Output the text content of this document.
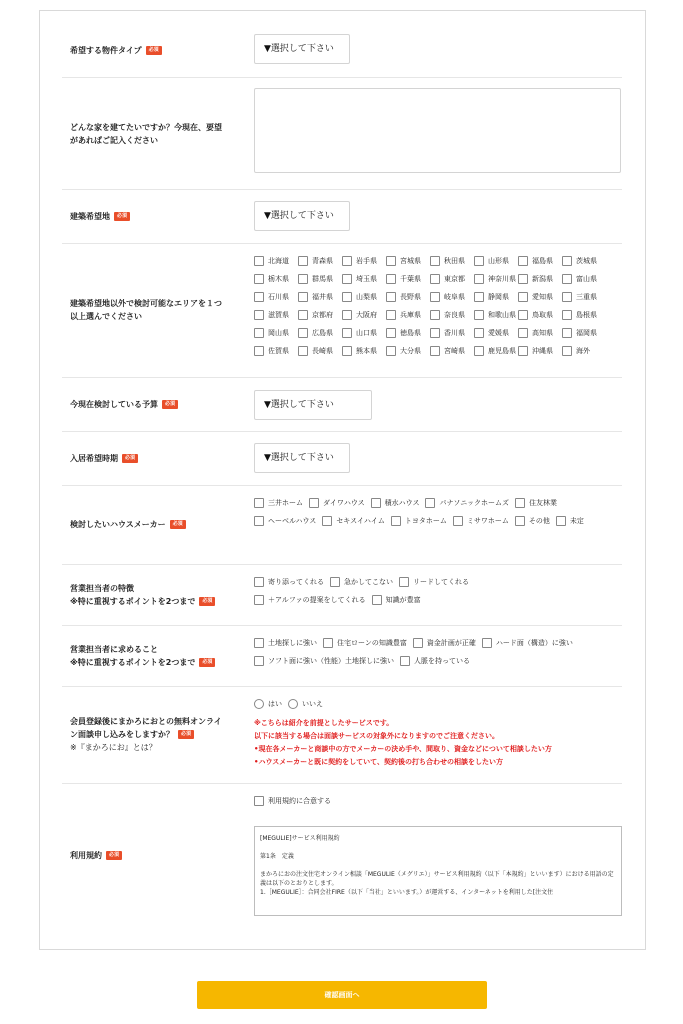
希望する物件タイプ 必須	▼選択して下さい
どんな家を建てたいですか？今現在、要望
があればご記入ください
建築希望地 必須	▼選択して下さい
建築希望地以外で検討可能なエリアを１つ
以上選んでください
北海道	青森県	岩手県	宮城県	秋田県	山形県	福島県	茨城県
栃木県	群馬県	埼玉県	千葉県	東京都	神奈川県 新潟県	富山県
石川県	福井県	山梨県	長野県	岐阜県	静岡県	愛知県	三重県
滋賀県	京都府	大阪府	兵庫県	奈良県	和歌山県 鳥取県	島根県
岡山県	広島県	山口県	徳島県	香川県	愛媛県	高知県	福岡県
佐賀県	長崎県	熊本県	大分県	宮崎県	鹿児島県 沖縄県	海外
今現在検討している予算 必須	▼選択して下さい
入居希望時期 必須	▼選択して下さい
検討したいハウスメーカー 必須
三井ホーム	ダイワハウス	積水ハウス	パナソニックホームズ	住友林業
ヘーベルハウス	セキスイハイム	トヨタホーム	ミサワホーム	その他	未定
営業担当者の特徴
※特に重視するポイントを2つまで 必須
寄り添ってくれる	急かしてこない	リードしてくれる
＋アルファの提案をしてくれる	知識が豊富
営業担当者に求めること
※特に重視するポイントを2つまで 必須
土地探しに強い	住宅ローンの知識豊富	資金計画が正確	ハード面（構造）に強い
ソフト面に強い（性能）土地探しに強い	人脈を持っている
会員登録後にまかろにおとの無料オンライ
ン面談申し込みをしますか？ 必須
※『まかろにお』とは？
はい	いいえ
※こちらは紹介を前提としたサービスです。
以下に該当する場合は面談サービスの対象外になりますのでご注意ください。
•現在各メーカーと商談中の方でメーカーの決め手や、間取り、資金などについて相談したい方
•ハウスメーカーと既に契約をしていて、契約後の打ち合わせの相談をしたい方
利用規約 必須
利用規約に合意する

[MEGULIE]サービス利用規約

第1条　定義

まかろにおの注文住宅オンライン相談「MEGULIE（メグリエ）」サービス利用規約（以下「本規約」といいます）における用語の定義は以下のとおりとします。

1.［MEGULIE］：合同会社FIRE（以下「当社」といいます。）が運営する、インターネットを利用した[注文住

確認画面へ
